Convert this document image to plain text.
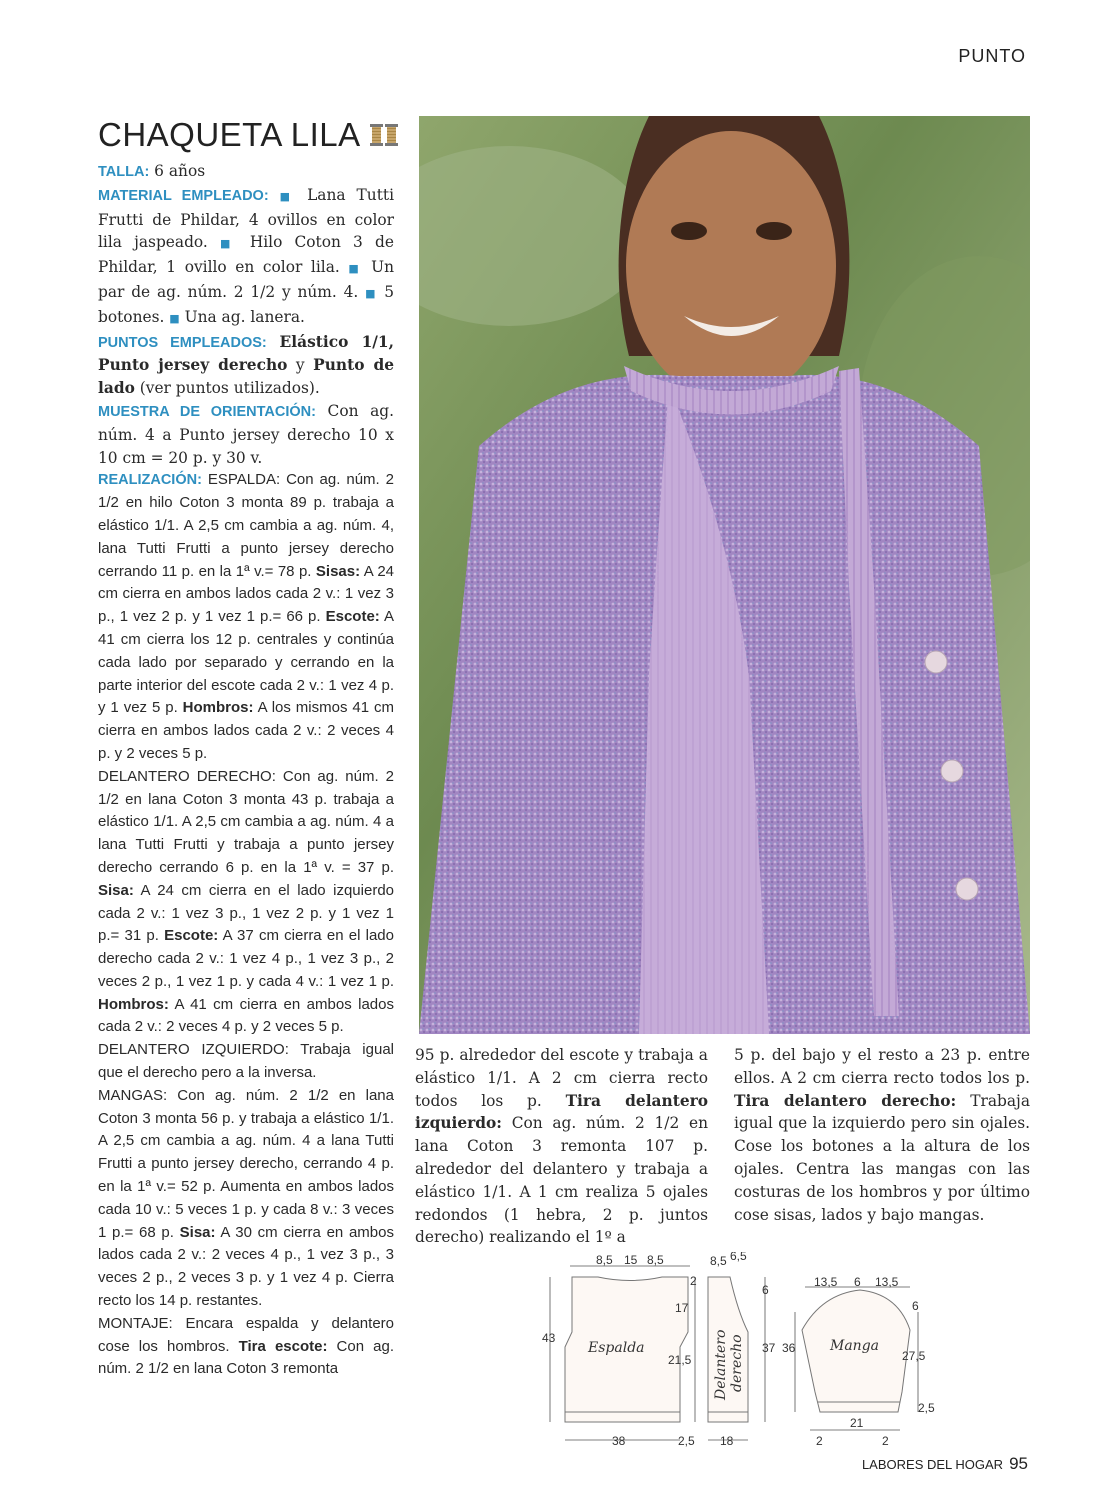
PUNTO
CHAQUETA LILA

TALLA: 6 años

MATERIAL EMPLEADO: ■ Lana Tutti Frutti de Phildar, 4 ovillos en color lila jaspeado. ■ Hilo Coton 3 de Phildar, 1 ovillo en color lila. ■ Un par de ag. núm. 2 1/2 y núm. 4. ■ 5 botones. ■ Una ag. lanera.

PUNTOS EMPLEADOS: Elástico 1/1, Punto jersey derecho y Punto de lado (ver puntos utilizados).

MUESTRA DE ORIENTACIÓN: Con ag. núm. 4 a Punto jersey derecho 10 x 10 cm = 20 p. y 30 v.

REALIZACIÓN: ESPALDA: Con ag. núm. 2 1/2 en hilo Coton 3 monta 89 p. trabaja a elástico 1/1. A 2,5 cm cambia a ag. núm. 4, lana Tutti Frutti a punto jersey derecho cerrando 11 p. en la 1ª v.= 78 p. Sisas: A 24 cm cierra en ambos lados cada 2 v.: 1 vez 3 p., 1 vez 2 p. y 1 vez 1 p.= 66 p. Escote: A 41 cm cierra los 12 p. centrales y continúa cada lado por separado y cerrando en la parte interior del escote cada 2 v.: 1 vez 4 p. y 1 vez 5 p. Hombros: A los mismos 41 cm cierra en ambos lados cada 2 v.: 2 veces 4 p. y 2 veces 5 p.

DELANTERO DERECHO: Con ag. núm. 2 1/2 en lana Coton 3 monta 43 p. trabaja a elástico 1/1. A 2,5 cm cambia a ag. núm. 4 a lana Tutti Frutti y trabaja a punto jersey derecho cerrando 6 p. en la 1ª v. = 37 p. Sisa: A 24 cm cierra en el lado izquierdo cada 2 v.: 1 vez 3 p., 1 vez 2 p. y 1 vez 1 p.= 31 p. Escote: A 37 cm cierra en el lado derecho cada 2 v.: 1 vez 4 p., 1 vez 3 p., 2 veces 2 p., 1 vez 1 p. y cada 4 v.: 1 vez 1 p. Hombros: A 41 cm cierra en ambos lados cada 2 v.: 2 veces 4 p. y 2 veces 5 p.

DELANTERO IZQUIERDO: Trabaja igual que el derecho pero a la inversa.

MANGAS: Con ag. núm. 2 1/2 en lana Coton 3 monta 56 p. y trabaja a elástico 1/1. A 2,5 cm cambia a ag. núm. 4 a lana Tutti Frutti a punto jersey derecho, cerrando 4 p. en la 1ª v.= 52 p. Aumenta en ambos lados cada 10 v.: 5 veces 1 p. y cada 8 v.: 3 veces 1 p.= 68 p. Sisa: A 30 cm cierra en ambos lados cada 2 v.: 2 veces 4 p., 1 vez 3 p., 3 veces 2 p., 2 veces 3 p. y 1 vez 4 p. Cierra recto los 14 p. restantes.

MONTAJE: Encara espalda y delantero cose los hombros. Tira escote: Con ag. núm. 2 1/2 en lana Coton 3 remonta

95 p. alrededor del escote y trabaja a elástico 1/1. A 2 cm cierra recto todos los p. Tira delantero izquierdo: Con ag. núm. 2 1/2 en lana Coton 3 remonta 107 p. alrededor del delantero y trabaja a elástico 1/1. A 1 cm realiza 5 ojales redondos (1 hebra, 2 p. juntos derecho) realizando el 1º a

5 p. del bajo y el resto a 23 p. entre ellos. A 2 cm cierra recto todos los p. Tira delantero derecho: Trabaja igual que la izquierdo pero sin ojales. Cose los botones a la altura de los ojales. Centra las mangas con las costuras de los hombros y por último cose sisas, lados y bajo mangas.

8,5 15 8,5
43
2
17
21,5
2,5
38
Espalda
8,5 6,5
6
37
18
Delantero derecho
13,5 6 13,5
36
6
27,5
2,5
2
21
2
Manga
LABORES DEL HOGAR 95
